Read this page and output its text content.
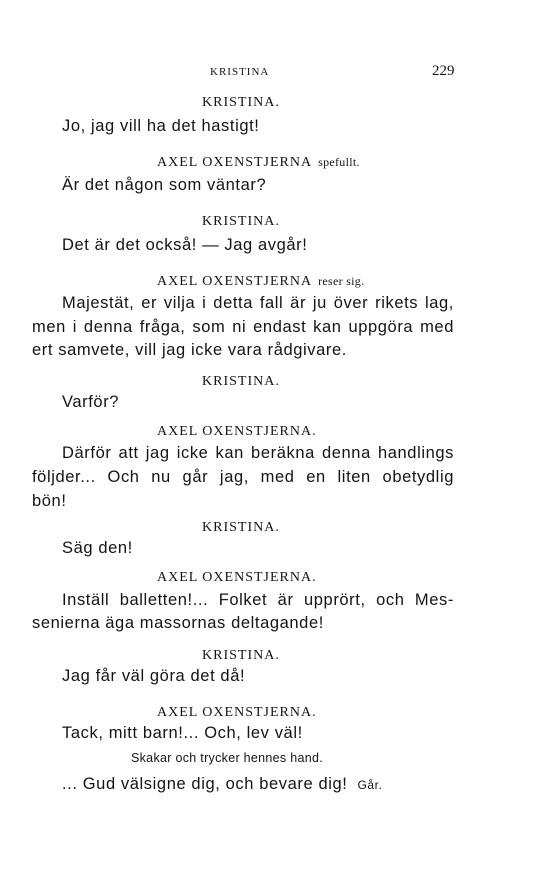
KRISTINA	229
KRISTINA.
Jo, jag vill ha det hastigt!
AXEL OXENSTJERNA spefullt.
Är det någon som väntar?
KRISTINA.
Det är det också! — Jag avgår!
AXEL OXENSTJERNA reser sig.
Majestät, er vilja i detta fall är ju över rikets lag,
men i denna fråga, som ni endast kan uppgöra med
ert samvete, vill jag icke vara rådgivare.
KRISTINA.
Varför?
AXEL OXENSTJERNA.
Därför att jag icke kan beräkna denna handlings
följder... Och nu går jag, med en liten obetydlig
bön!
KRISTINA.
Säg den!
AXEL OXENSTJERNA.
Inställ balletten!... Folket är upprört, och Mes-
senierna äga massornas deltagande!
KRISTINA.
Jag får väl göra det då!
AXEL OXENSTJERNA.
Tack, mitt barn!... Och, lev väl!
Skakar och trycker hennes hand.
... Gud välsigne dig, och bevare dig! Går.
